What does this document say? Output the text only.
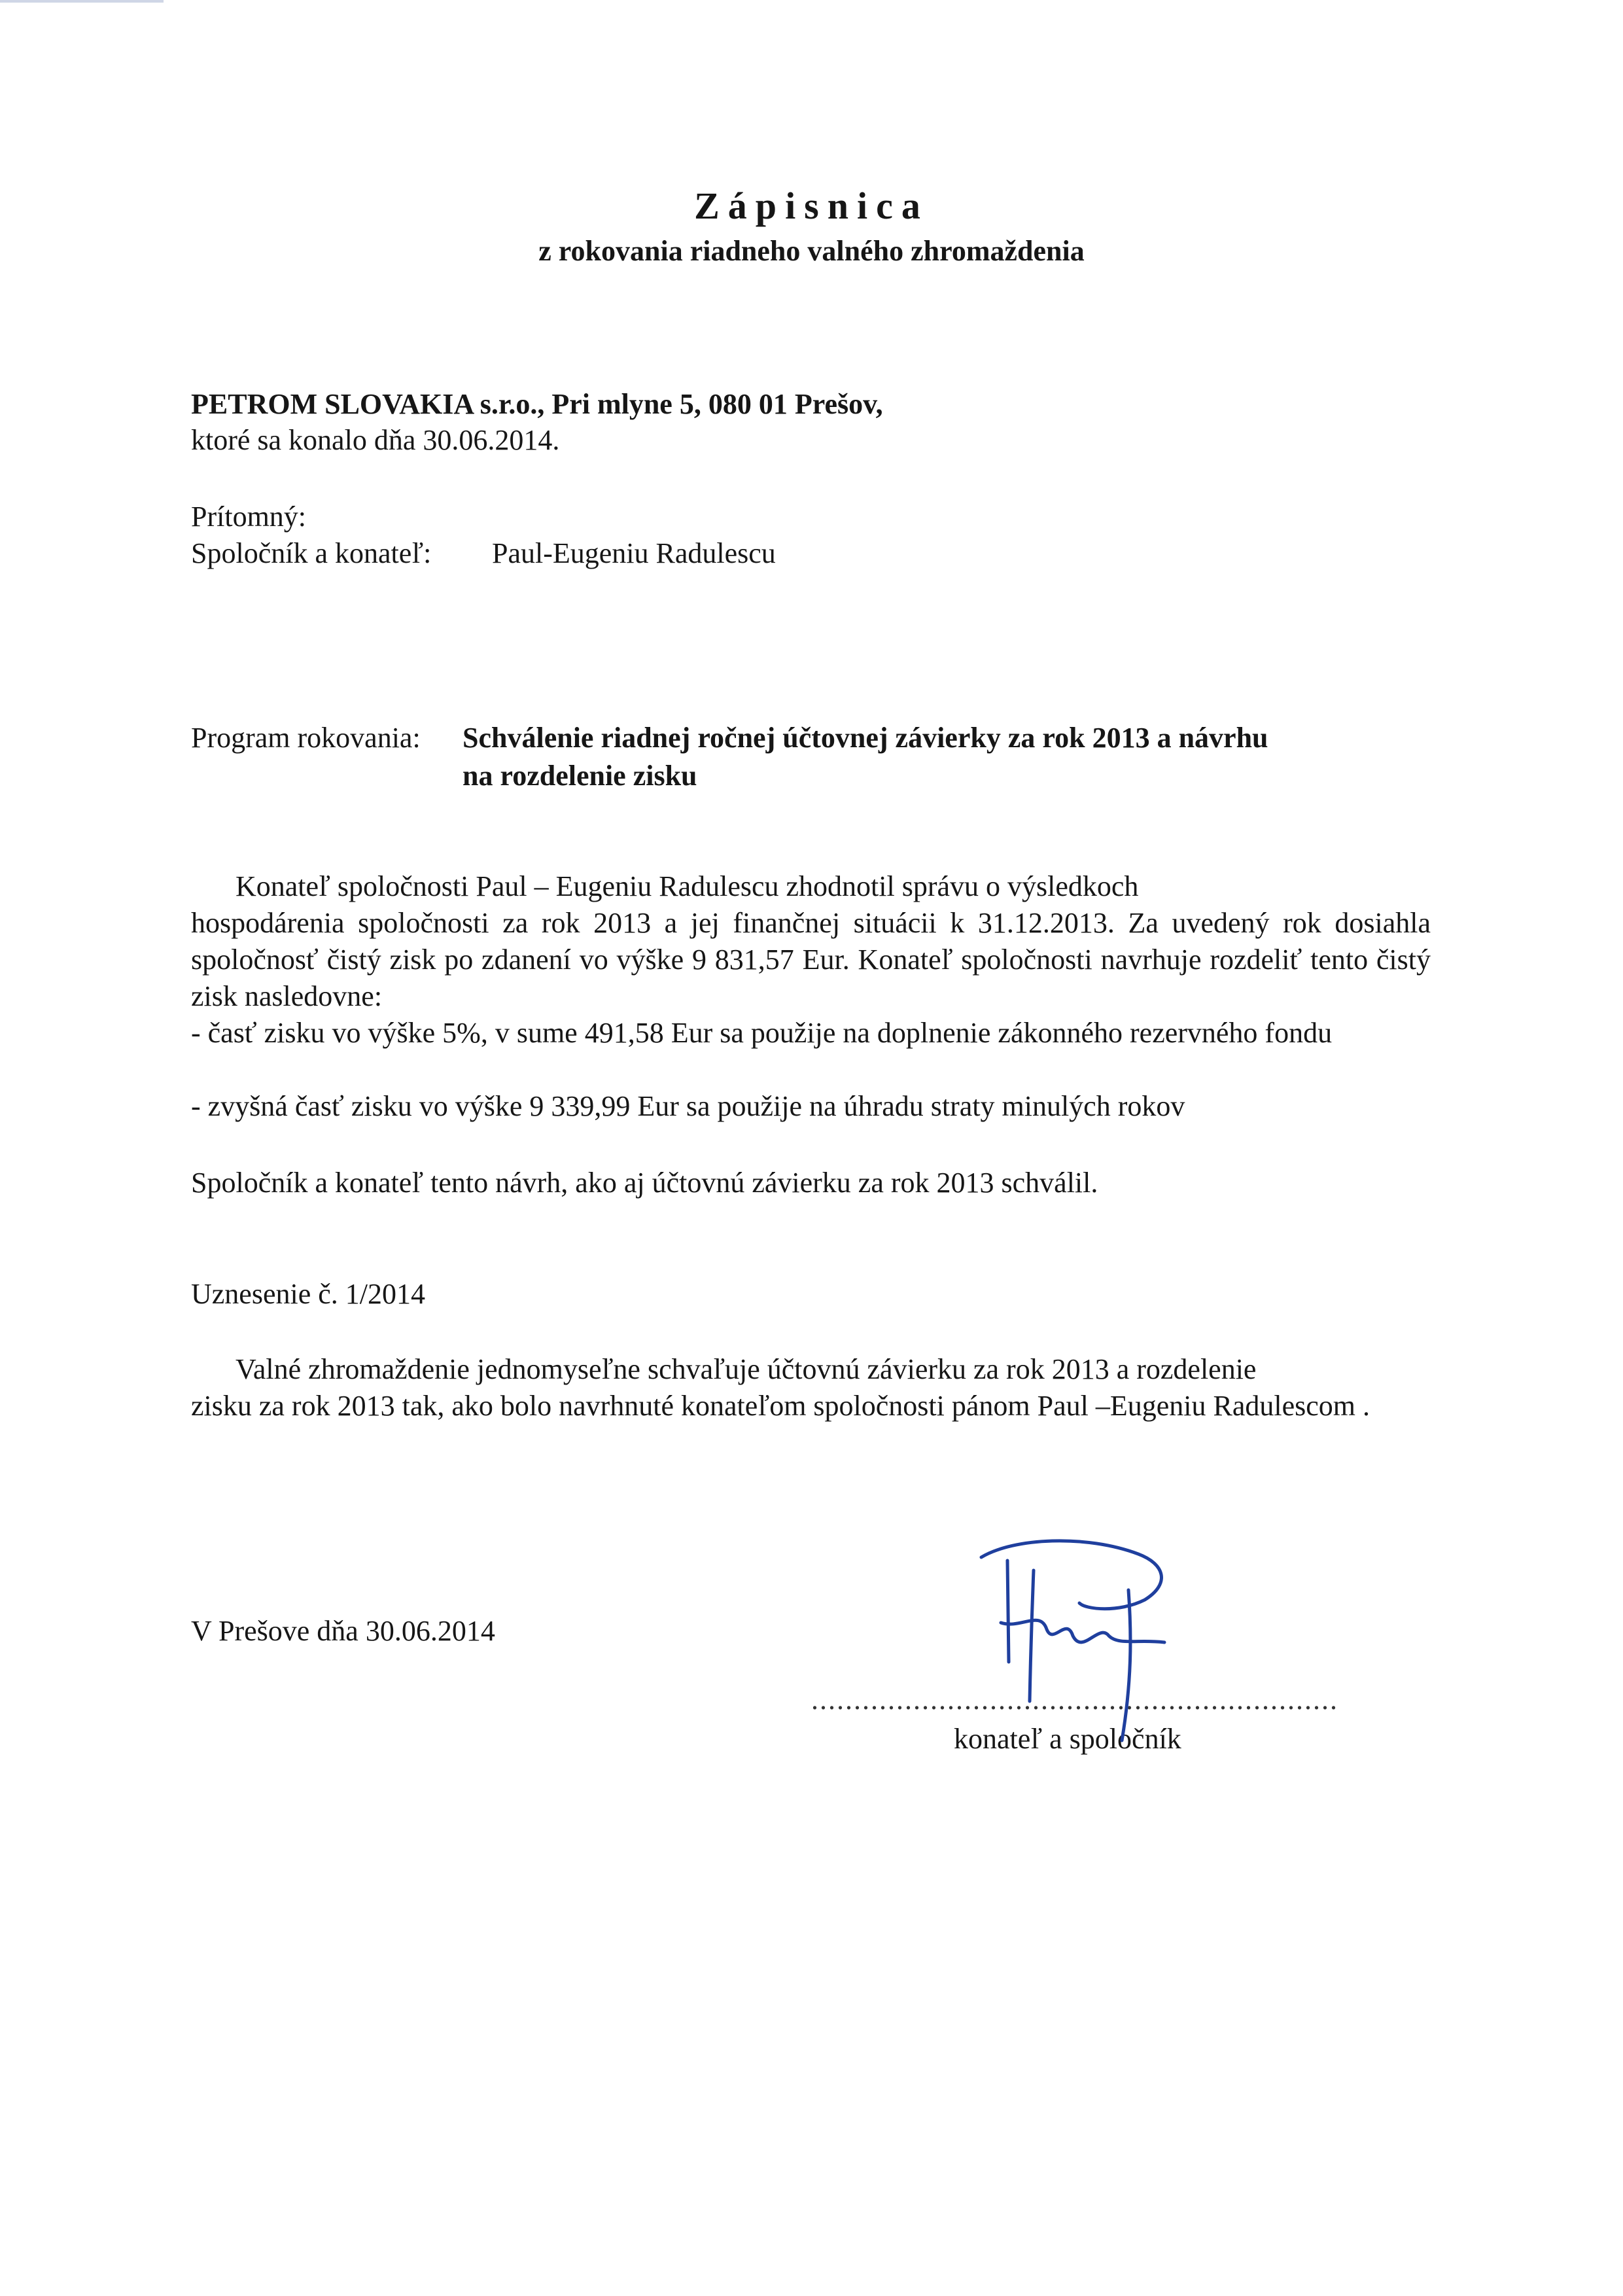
Zápisnica
z rokovania riadneho valného zhromaždenia
PETROM SLOVAKIA s.r.o., Pri mlyne 5, 080 01 Prešov,
ktoré sa konalo dňa 30.06.2014.
Prítomný:
Spoločník a konateľ: Paul-Eugeniu Radulescu
Program rokovania: Schválenie riadnej ročnej účtovnej závierky za rok 2013 a návrhu
na rozdelenie zisku
Konateľ spoločnosti Paul – Eugeniu Radulescu zhodnotil správu o výsledkoch
hospodárenia spoločnosti za rok 2013 a jej finančnej situácii k 31.12.2013. Za uvedený rok dosiahla spoločnosť čistý zisk po zdanení vo výške 9 831,57 Eur. Konateľ spoločnosti navrhuje rozdeliť tento čistý zisk nasledovne:
- časť zisku vo výške 5%, v sume 491,58 Eur sa použije na doplnenie zákonného rezervného fondu
- zvyšná časť zisku vo výške 9 339,99 Eur sa použije na úhradu straty minulých rokov
Spoločník a konateľ tento návrh, ako aj účtovnú závierku za rok 2013 schválil.
Uznesenie č. 1/2014
Valné zhromaždenie jednomyseľne schvaľuje účtovnú závierku za rok 2013 a rozdelenie
zisku za rok 2013 tak, ako bolo navrhnuté konateľom spoločnosti pánom Paul –Eugeniu Radulescom .
V Prešove dňa 30.06.2014
..............................................................
konateľ a spoločník
